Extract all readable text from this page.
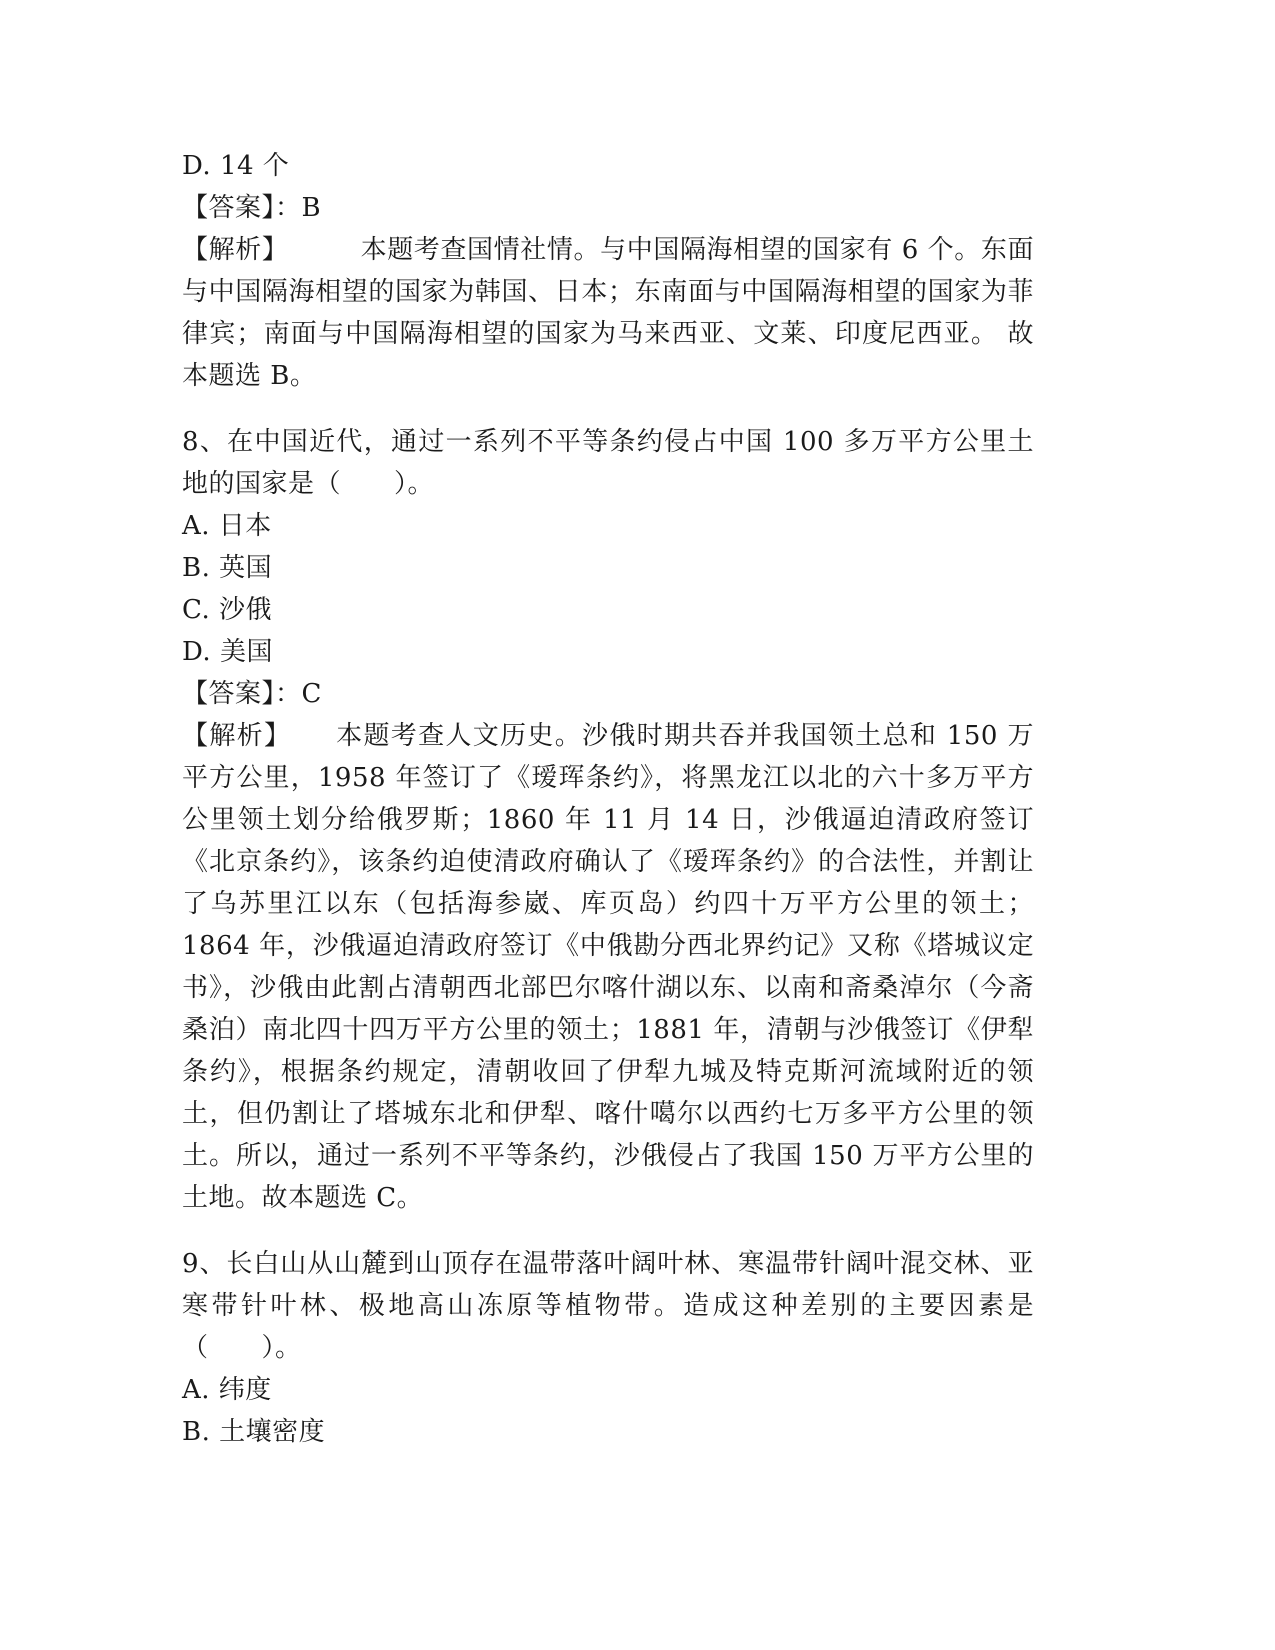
D. 14 个
【答案】：B
【解析】	本题考查国情社情。与中国隔海相望的国家有 6 个。东面与中国隔海相望的国家为韩国、日本；东南面与中国隔海相望的国家为菲律宾；南面与中国隔海相望的国家为马来西亚、文莱、印度尼西亚。 故本题选 B。
8、在中国近代，通过一系列不平等条约侵占中国 100 多万平方公里土地的国家是（　　）。
A. 日本
B. 英国
C. 沙俄
D. 美国
【答案】：C
【解析】 本题考查人文历史。沙俄时期共吞并我国领土总和 150 万平方公里，1958 年签订了《瑷珲条约》，将黑龙江以北的六十多万平方公里领土划分给俄罗斯；1860 年 11 月 14 日，沙俄逼迫清政府签订《北京条约》，该条约迫使清政府确认了《瑷珲条约》的合法性，并割让了乌苏里江以东（包括海参崴、库页岛）约四十万平方公里的领土；1864 年，沙俄逼迫清政府签订《中俄勘分西北界约记》又称《塔城议定书》，沙俄由此割占清朝西北部巴尔喀什湖以东、以南和斋桑淖尔（今斋桑泊）南北四十四万平方公里的领土；1881 年，清朝与沙俄签订《伊犁条约》，根据条约规定，清朝收回了伊犁九城及特克斯河流域附近的领土，但仍割让了塔城东北和伊犁、喀什噶尔以西约七万多平方公里的领土。所以，通过一系列不平等条约，沙俄侵占了我国 150 万平方公里的土地。故本题选 C。
9、长白山从山麓到山顶存在温带落叶阔叶林、寒温带针阔叶混交林、亚寒带针叶林、极地高山冻原等植物带。造成这种差别的主要因素是（　　）。
A. 纬度
B. 土壤密度
